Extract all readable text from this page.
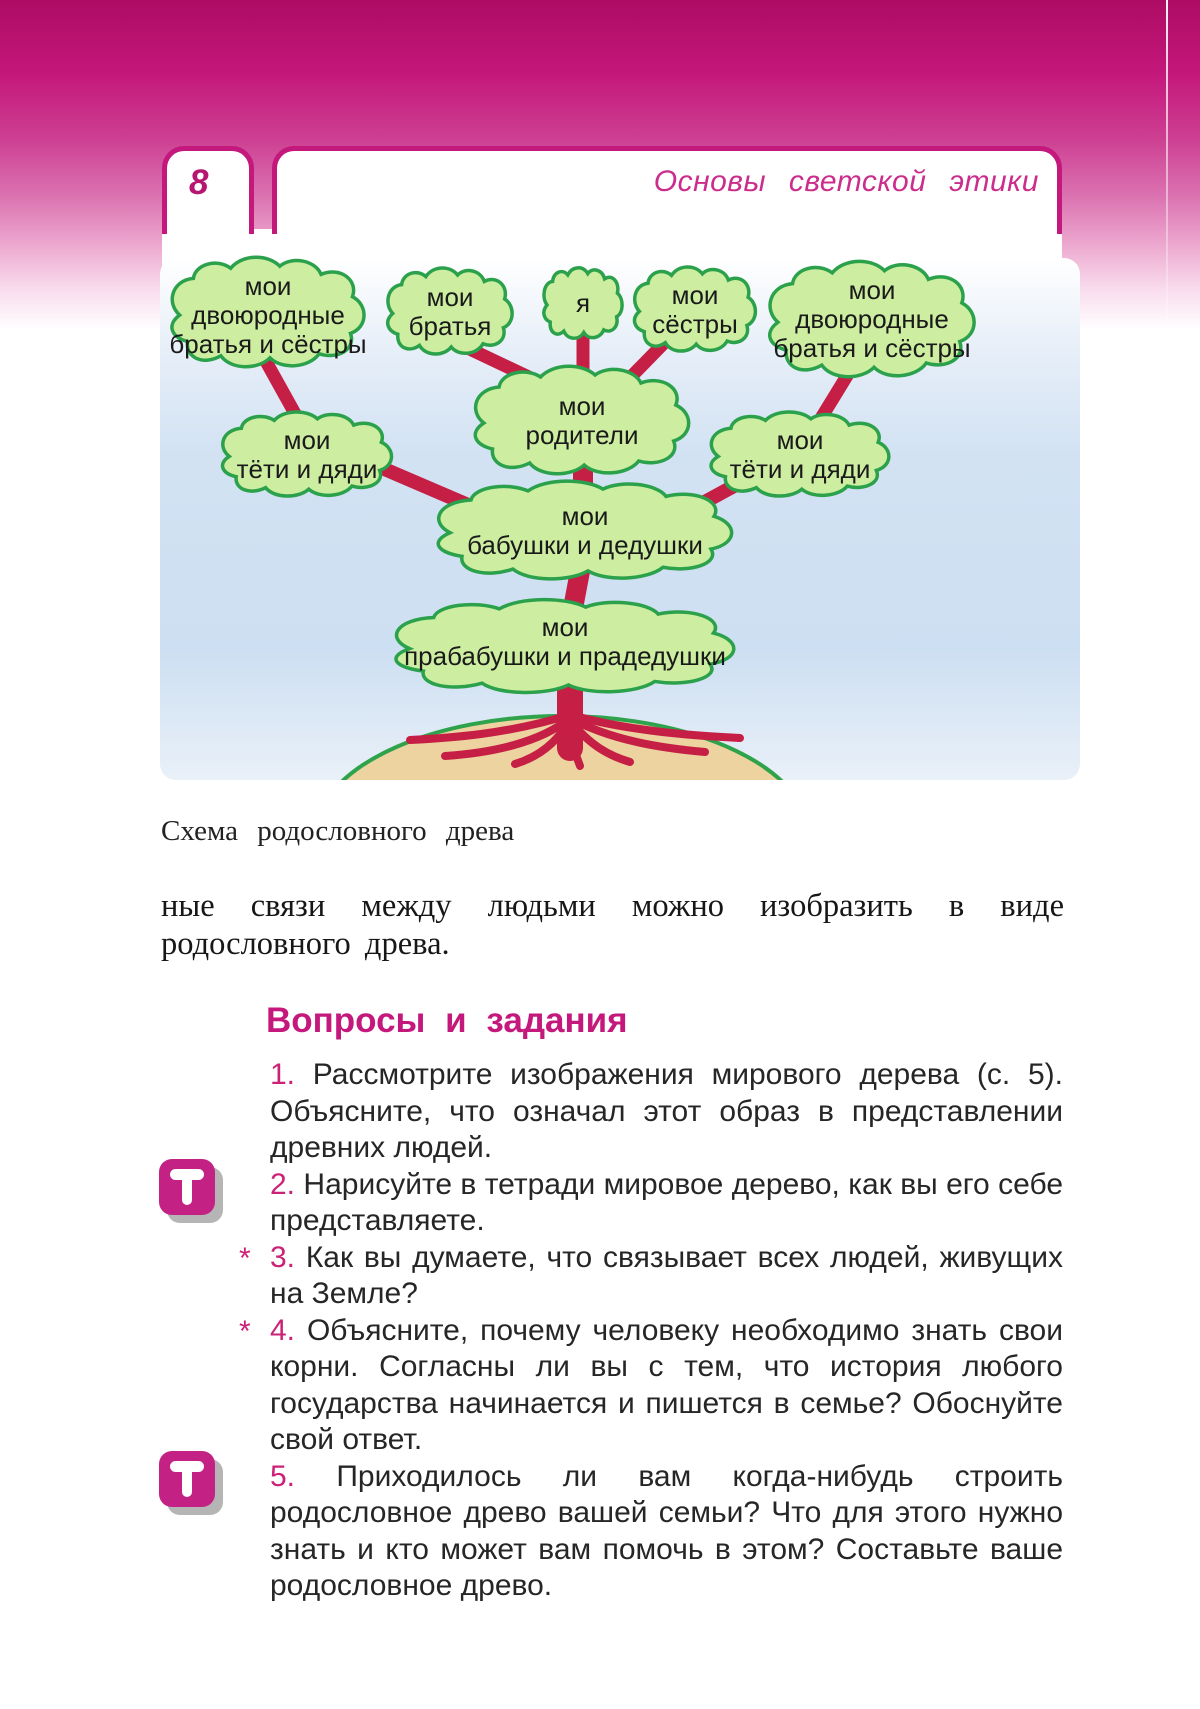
8	Основы светской этики
мои
двоюродные
братья и сёстры
мои
братья
я	мои
сёстры
мои
двоюродные
братья и сёстры
мои
тёти и дяди
мои
родители	мои
тёти и дяди
мои
бабушки и дедушки
мои
прабабушки и прадедушки
Схема родословного древа
ные связи между людьми можно изобразить в виде родословного древа.
Вопросы и задания
1. Рассмотрите изображения мирового дерева (с. 5). Объясните, что означал этот образ в представлении древних людей.
2. Нарисуйте в тетради мировое дерево, как вы его себе представляете.
* 3. Как вы думаете, что связывает всех людей, живущих на Земле?
* 4. Объясните, почему человеку необходимо знать свои корни. Согласны ли вы с тем, что история любого государства начинается и пишется в семье? Обоснуйте свой ответ.
5. Приходилось ли вам когда-нибудь строить родословное древо вашей семьи? Что для этого нужно знать и кто может вам помочь в этом? Составьте ваше родословное древо.
